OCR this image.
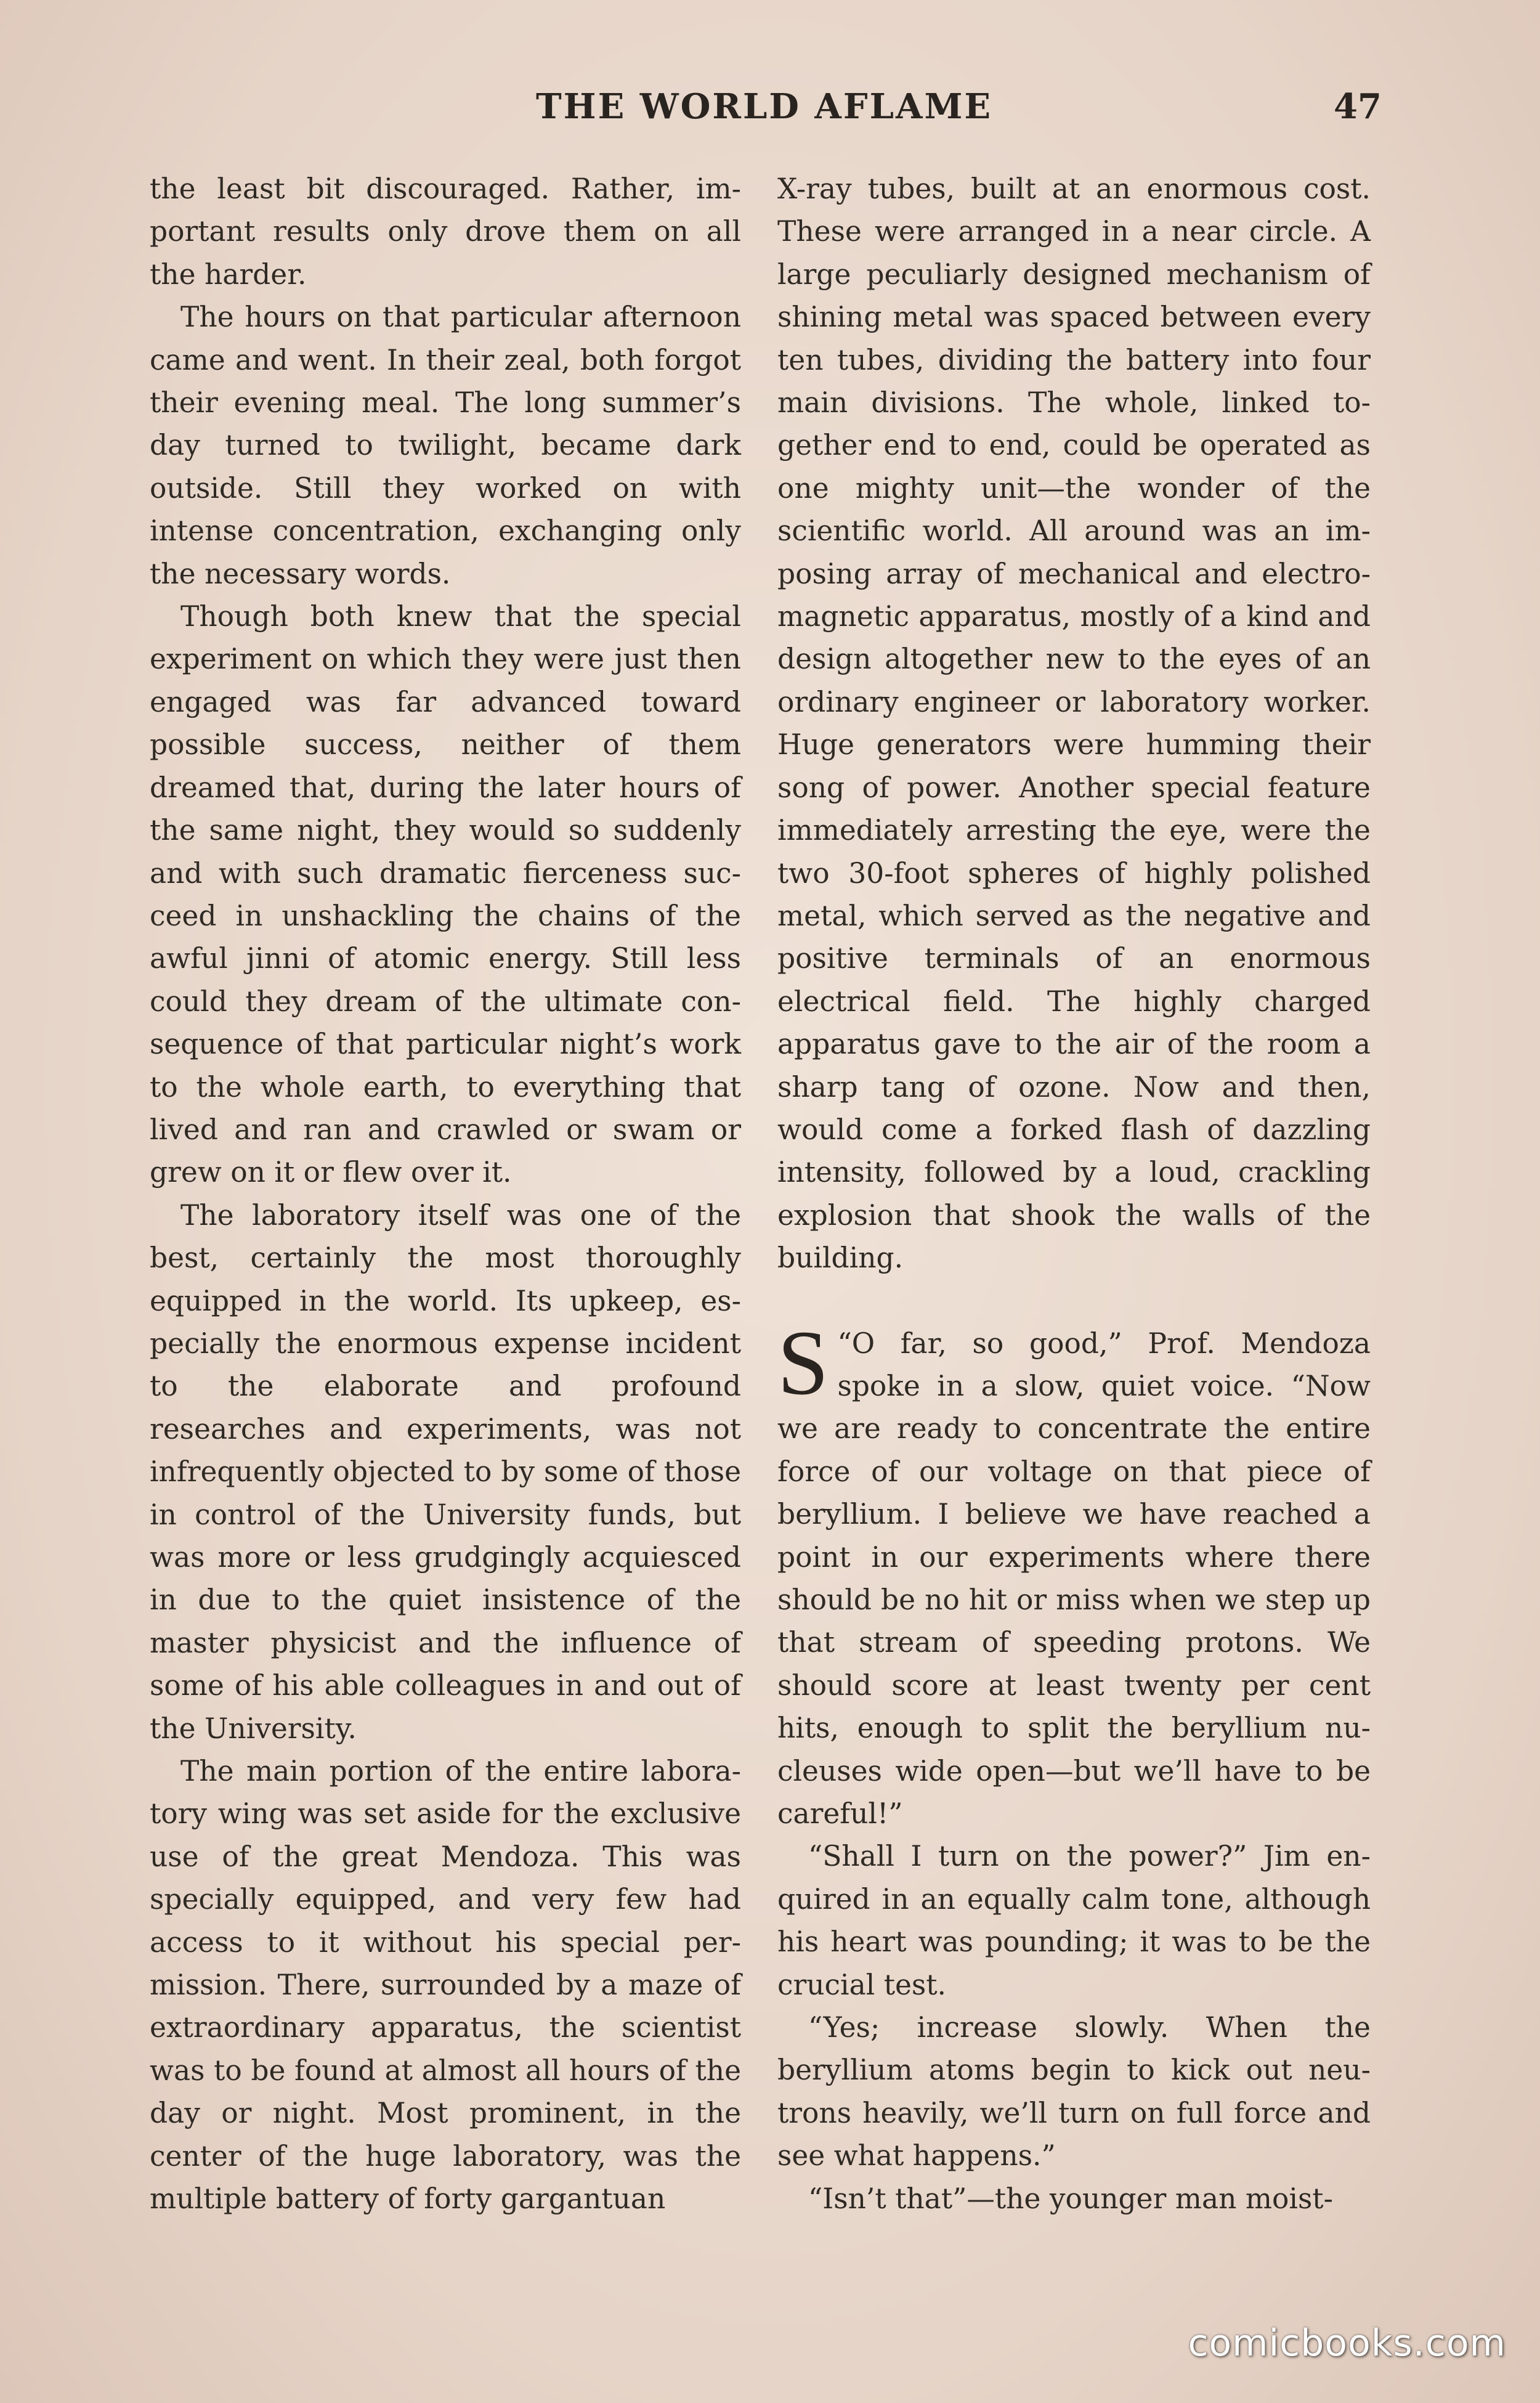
THE WORLD AFLAME	47

the least bit discouraged. Rather, important results only drove them on all the harder.

The hours on that particular afternoon came and went. In their zeal, both forgot their evening meal. The long summer’s day turned to twilight, became dark outside. Still they worked on with intense concentration, exchanging only the necessary words.

Though both knew that the special experiment on which they were just then engaged was far advanced toward possible success, neither of them dreamed that, during the later hours of the same night, they would so suddenly and with such dramatic fierceness succeed in unshackling the chains of the awful jinni of atomic energy. Still less could they dream of the ultimate consequence of that particular night’s work to the whole earth, to everything that lived and ran and crawled or swam or grew on it or flew over it.

The laboratory itself was one of the best, certainly the most thoroughly equipped in the world. Its upkeep, especially the enormous expense incident to the elaborate and profound researches and experiments, was not infrequently objected to by some of those in control of the University funds, but was more or less grudgingly acquiesced in due to the quiet insistence of the master physicist and the influence of some of his able colleagues in and out of the University.

The main portion of the entire laboratory wing was set aside for the exclusive use of the great Mendoza. This was specially equipped, and very few had access to it without his special permission. There, surrounded by a maze of extraordinary apparatus, the scientist was to be found at almost all hours of the day or night. Most prominent, in the center of the huge laboratory, was the multiple battery of forty gargantuan

X-ray tubes, built at an enormous cost. These were arranged in a near circle. A large peculiarly designed mechanism of shining metal was spaced between every ten tubes, dividing the battery into four main divisions. The whole, linked together end to end, could be operated as one mighty unit—the wonder of the scientific world. All around was an imposing array of mechanical and electromagnetic apparatus, mostly of a kind and design altogether new to the eyes of an ordinary engineer or laboratory worker. Huge generators were humming their song of power. Another special feature immediately arresting the eye, were the two 30-foot spheres of highly polished metal, which served as the negative and positive terminals of an enormous electrical field. The highly charged apparatus gave to the air of the room a sharp tang of ozone. Now and then, would come a forked flash of dazzling intensity, followed by a loud, crackling explosion that shook the walls of the building.

“
S O far, so good,” Prof. Mendoza spoke in a slow, quiet voice. “Now we are ready to concentrate the entire force of our voltage on that piece of beryllium. I believe we have reached a point in our experiments where there should be no hit or miss when we step up that stream of speeding protons. We should score at least twenty per cent hits, enough to split the beryllium nucleuses wide open—but we’ll have to be careful!”

“Shall I turn on the power?” Jim enquired in an equally calm tone, although his heart was pounding; it was to be the crucial test.

“Yes; increase slowly. When the beryllium atoms begin to kick out neutrons heavily, we’ll turn on full force and see what happens.”

“Isn’t that”—the younger man moist-

comicbooks.com
